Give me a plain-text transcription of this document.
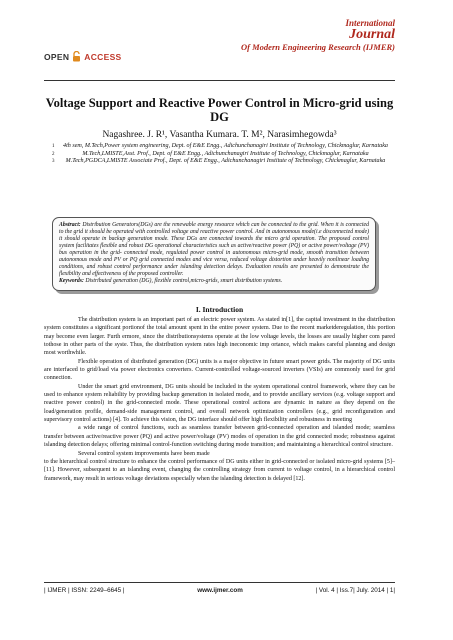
OPEN ACCESS
International
Journal
Of Modern Engineering Research (IJMER)
Voltage Support and Reactive Power Control in Micro-grid using DG
Nagashree. J. R¹, Vasantha Kumara. T. M², Narasimhegowda³
1	4th sem, M.Tech,Power system engineering, Dept. of E&E Engg., Adichunchanagiri Institute of Technology, Chickmaglur, Karnataka
2	M.Tech,LMISTE,Asst. Prof., Dept. of E&E Engg., Adichunchanagiri Institute of Technology, Chickmaglur, Karnataka
3	M.Tech,PGDCA,LMISTE Associate Prof., Dept. of E&E Engg., Adichunchanagiri Institute of Technology, Chickmaglur, Karnataka
Abstract: Distribution Generators(DGs) are the renewable energy resource which can be connected to the grid. When it is connected to the grid it should be operated with controlled voltage and reactive power control. And in autonomous mode(i.e disconnected mode) it should operate in backup generation mode. These DGs are connected towards the micro grid operation. The proposed control system facilitates flexible and robust DG operational characteristics such as active/reactive power (PQ) or active power/voltage (PV) bus operation in the grid- connected mode, regulated power control in autonomous micro-grid mode, smooth transition between autonomous mode and PV or PQ grid connected modes and vice versa, reduced voltage distortion under heavily nonlinear loading conditions, and robust control performance under islanding detection delays. Evaluation results are presented to demonstrate the flexibility and effectiveness of the proposed controller.
Keywords: Distributed generation (DG), flexible control,micro-grids, smart distribution systems.
I. Introduction

The distribution system is an important part of an electric power system. As stated in[1], the capital investment in the distribution system constitutes a significant portionof the total amount spent in the entire power system. Due to the recent marketderegulation, this portion may become even larger. Furth ermore, since the distributionsystems operate at the low voltage levels, the losses are usually higher com pared tothose in other parts of the syste. Thus, the distribution system rates high ineconomic imp ortance, which makes careful planning and design most worthwhile.

Flexible operation of distributed generation (DG) units is a major objective in future smart power grids. The majority of DG units are interfaced to grid/load via power electronics converters. Current-controlled voltage-sourced inverters (VSIs) are commonly used for grid connection.

Under the smart grid environment, DG units should be included in the system operational control framework, where they can be used to enhance system reliability by providing backup generation in isolated mode, and to provide ancillary services (e.g. voltage support and reactive power control) in the grid-connected mode. These operational control actions are dynamic in nature as they depend on the load/generation profile, demand-side management control, and overall network optimization controllers (e.g., grid reconfiguration and supervisory control actions) [4]. To achieve this vision, the DG interface should offer high flexibility and robustness in meeting

a wide range of control functions, such as seamless transfer between grid-connected operation and islanded mode; seamless transfer between active/reactive power (PQ) and active power/voltage (PV) modes of operation in the grid connected mode; robustness against islanding detection delays; offering minimal control-function switching during mode transition; and maintaining a hierarchical control structure.

Several control system improvements have been made

to the hierarchical control structure to enhance the control performance of DG units either in grid-connected or isolated micro-grid systems [5]–[11]. However, subsequent to an islanding event, changing the controlling strategy from current to voltage control, in a hierarchical control framework, may result in serious voltage deviations especially when the islanding detection is delayed [12].

| IJMER | ISSN: 2249–6645 |	www.ijmer.com	| Vol. 4 | Iss.7| July. 2014 | 1|
